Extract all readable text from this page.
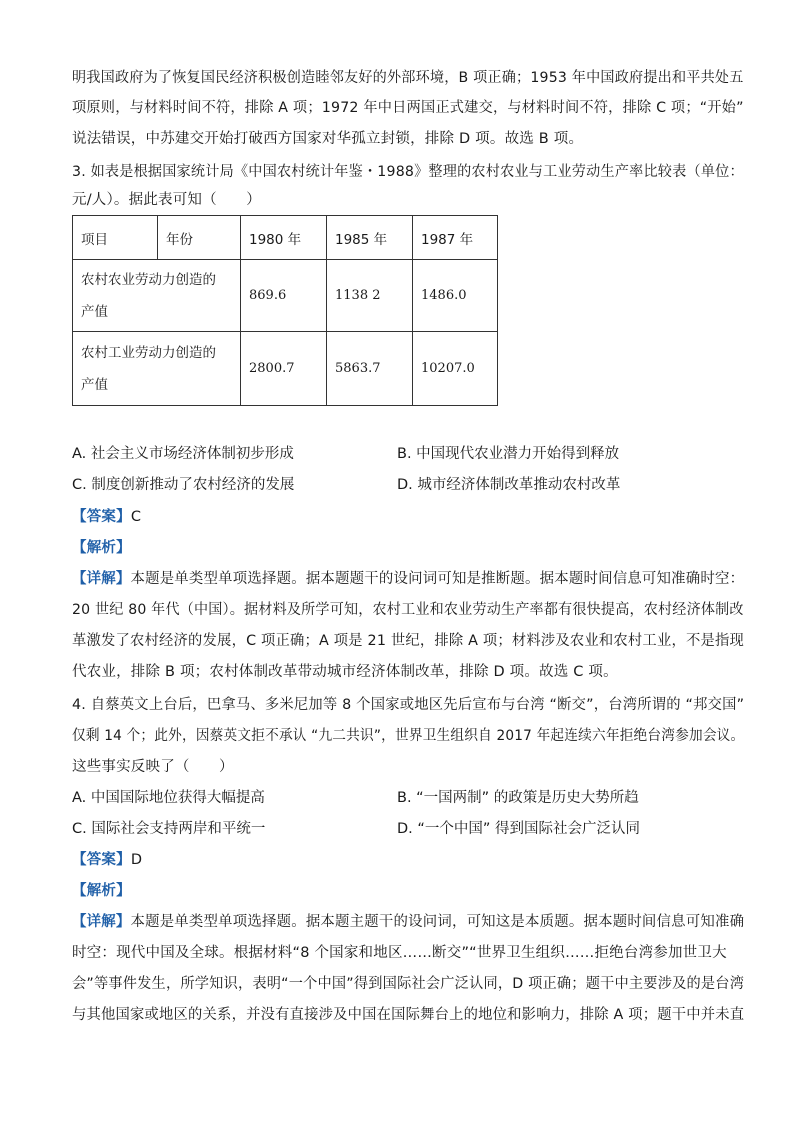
明我国政府为了恢复国民经济积极创造睦邻友好的外部环境，B 项正确；1953 年中国政府提出和平共处五
项原则，与材料时间不符，排除 A 项；1972 年中日两国正式建交，与材料时间不符，排除 C 项；“开始”
说法错误，中苏建交开始打破西方国家对华孤立封锁，排除 D 项。故选 B 项。
3. 如表是根据国家统计局《中国农村统计年鉴・1988》整理的农村农业与工业劳动生产率比较表（单位：
元/人）。据此表可知（　　）
项目	年份	1980 年	1985 年	1987 年

农村农业劳动力创造的
产值		869.6	1138 2	1486.0

农村工业劳动力创造的
产值		2800.7	5863.7	10207.0
A. 社会主义市场经济体制初步形成	B. 中国现代农业潜力开始得到释放
C. 制度创新推动了农村经济的发展	D. 城市经济体制改革推动农村改革
【答案】C
【解析】
【详解】本题是单类型单项选择题。据本题题干的设问词可知是推断题。据本题时间信息可知准确时空：
20 世纪 80 年代（中国）。据材料及所学可知，农村工业和农业劳动生产率都有很快提高，农村经济体制改
革激发了农村经济的发展，C 项正确；A 项是 21 世纪，排除 A 项；材料涉及农业和农村工业，不是指现
代农业，排除 B 项；农村体制改革带动城市经济体制改革，排除 D 项。故选 C 项。
4. 自蔡英文上台后，巴拿马、多米尼加等 8 个国家或地区先后宣布与台湾 “断交”，台湾所谓的 “邦交国”
仅剩 14 个；此外，因蔡英文拒不承认 “九二共识”，世界卫生组织自 2017 年起连续六年拒绝台湾参加会议。
这些事实反映了（　　）
A. 中国国际地位获得大幅提高	B. “一国两制” 的政策是历史大势所趋
C. 国际社会支持两岸和平统一	D. “一个中国” 得到国际社会广泛认同
【答案】D
【解析】
【详解】本题是单类型单项选择题。据本题主题干的设问词，可知这是本质题。据本题时间信息可知准确
时空：现代中国及全球。根据材料“8 个国家和地区……断交”“世界卫生组织……拒绝台湾参加世卫大
会”等事件发生，所学知识，表明“一个中国”得到国际社会广泛认同，D 项正确；题干中主要涉及的是台湾
与其他国家或地区的关系，并没有直接涉及中国在国际舞台上的地位和影响力，排除 A 项；题干中并未直
